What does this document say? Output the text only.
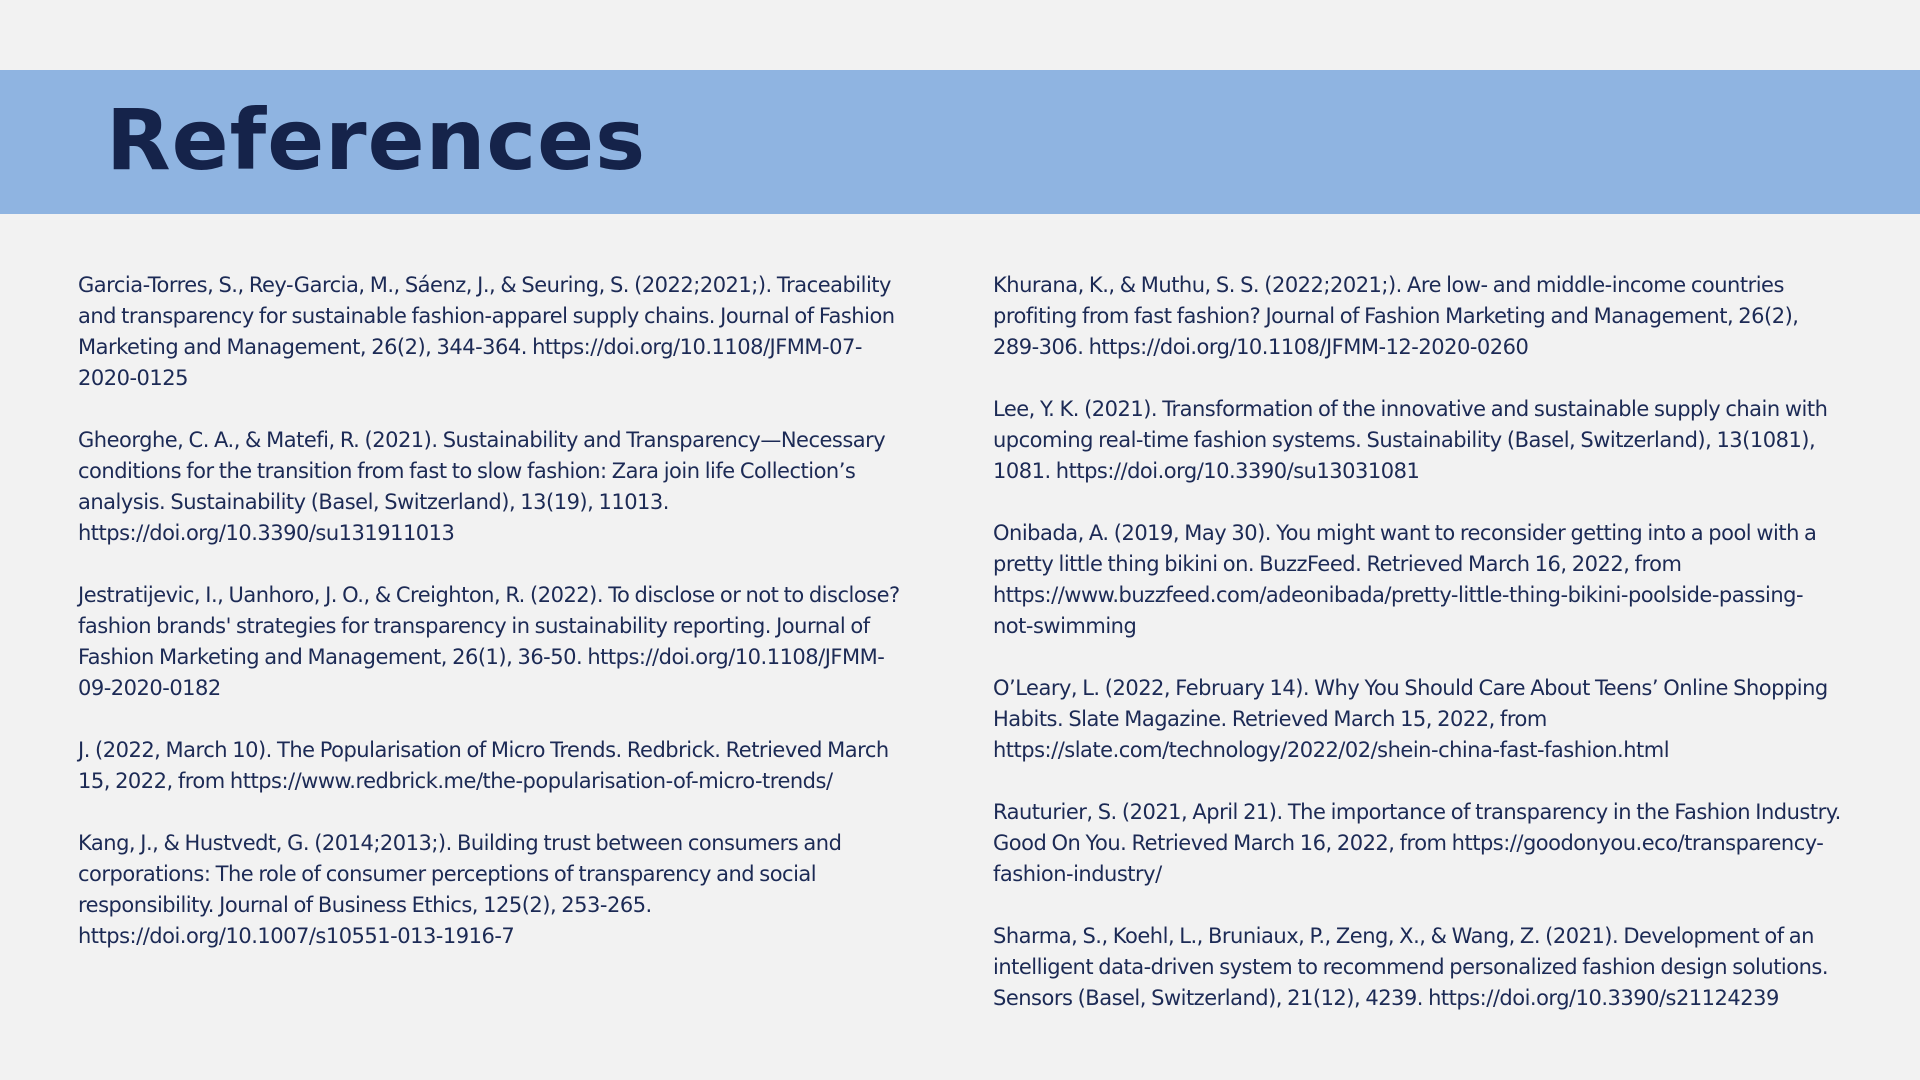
References

Garcia-Torres, S., Rey-Garcia, M., Sáenz, J., & Seuring, S. (2022;2021;). Traceability
and transparency for sustainable fashion-apparel supply chains. Journal of Fashion
Marketing and Management, 26(2), 344-364. https://doi.org/10.1108/JFMM-07-
2020-0125

Gheorghe, C. A., & Matefi, R. (2021). Sustainability and Transparency—Necessary
conditions for the transition from fast to slow fashion: Zara join life Collection’s
analysis. Sustainability (Basel, Switzerland), 13(19), 11013.
https://doi.org/10.3390/su131911013

Jestratijevic, I., Uanhoro, J. O., & Creighton, R. (2022). To disclose or not to disclose?
fashion brands' strategies for transparency in sustainability reporting. Journal of
Fashion Marketing and Management, 26(1), 36-50. https://doi.org/10.1108/JFMM-
09-2020-0182

J. (2022, March 10). The Popularisation of Micro Trends. Redbrick. Retrieved March
15, 2022, from https://www.redbrick.me/the-popularisation-of-micro-trends/

Kang, J., & Hustvedt, G. (2014;2013;). Building trust between consumers and
corporations: The role of consumer perceptions of transparency and social
responsibility. Journal of Business Ethics, 125(2), 253-265.
https://doi.org/10.1007/s10551-013-1916-7

Khurana, K., & Muthu, S. S. (2022;2021;). Are low- and middle-income countries
profiting from fast fashion? Journal of Fashion Marketing and Management, 26(2),
289-306. https://doi.org/10.1108/JFMM-12-2020-0260

Lee, Y. K. (2021). Transformation of the innovative and sustainable supply chain with
upcoming real-time fashion systems. Sustainability (Basel, Switzerland), 13(1081),
1081. https://doi.org/10.3390/su13031081

Onibada, A. (2019, May 30). You might want to reconsider getting into a pool with a
pretty little thing bikini on. BuzzFeed. Retrieved March 16, 2022, from
https://www.buzzfeed.com/adeonibada/pretty-little-thing-bikini-poolside-passing-
not-swimming

O’Leary, L. (2022, February 14). Why You Should Care About Teens’ Online Shopping
Habits. Slate Magazine. Retrieved March 15, 2022, from
https://slate.com/technology/2022/02/shein-china-fast-fashion.html

Rauturier, S. (2021, April 21). The importance of transparency in the Fashion Industry.
Good On You. Retrieved March 16, 2022, from https://goodonyou.eco/transparency-
fashion-industry/

Sharma, S., Koehl, L., Bruniaux, P., Zeng, X., & Wang, Z. (2021). Development of an
intelligent data-driven system to recommend personalized fashion design solutions.
Sensors (Basel, Switzerland), 21(12), 4239. https://doi.org/10.3390/s21124239
